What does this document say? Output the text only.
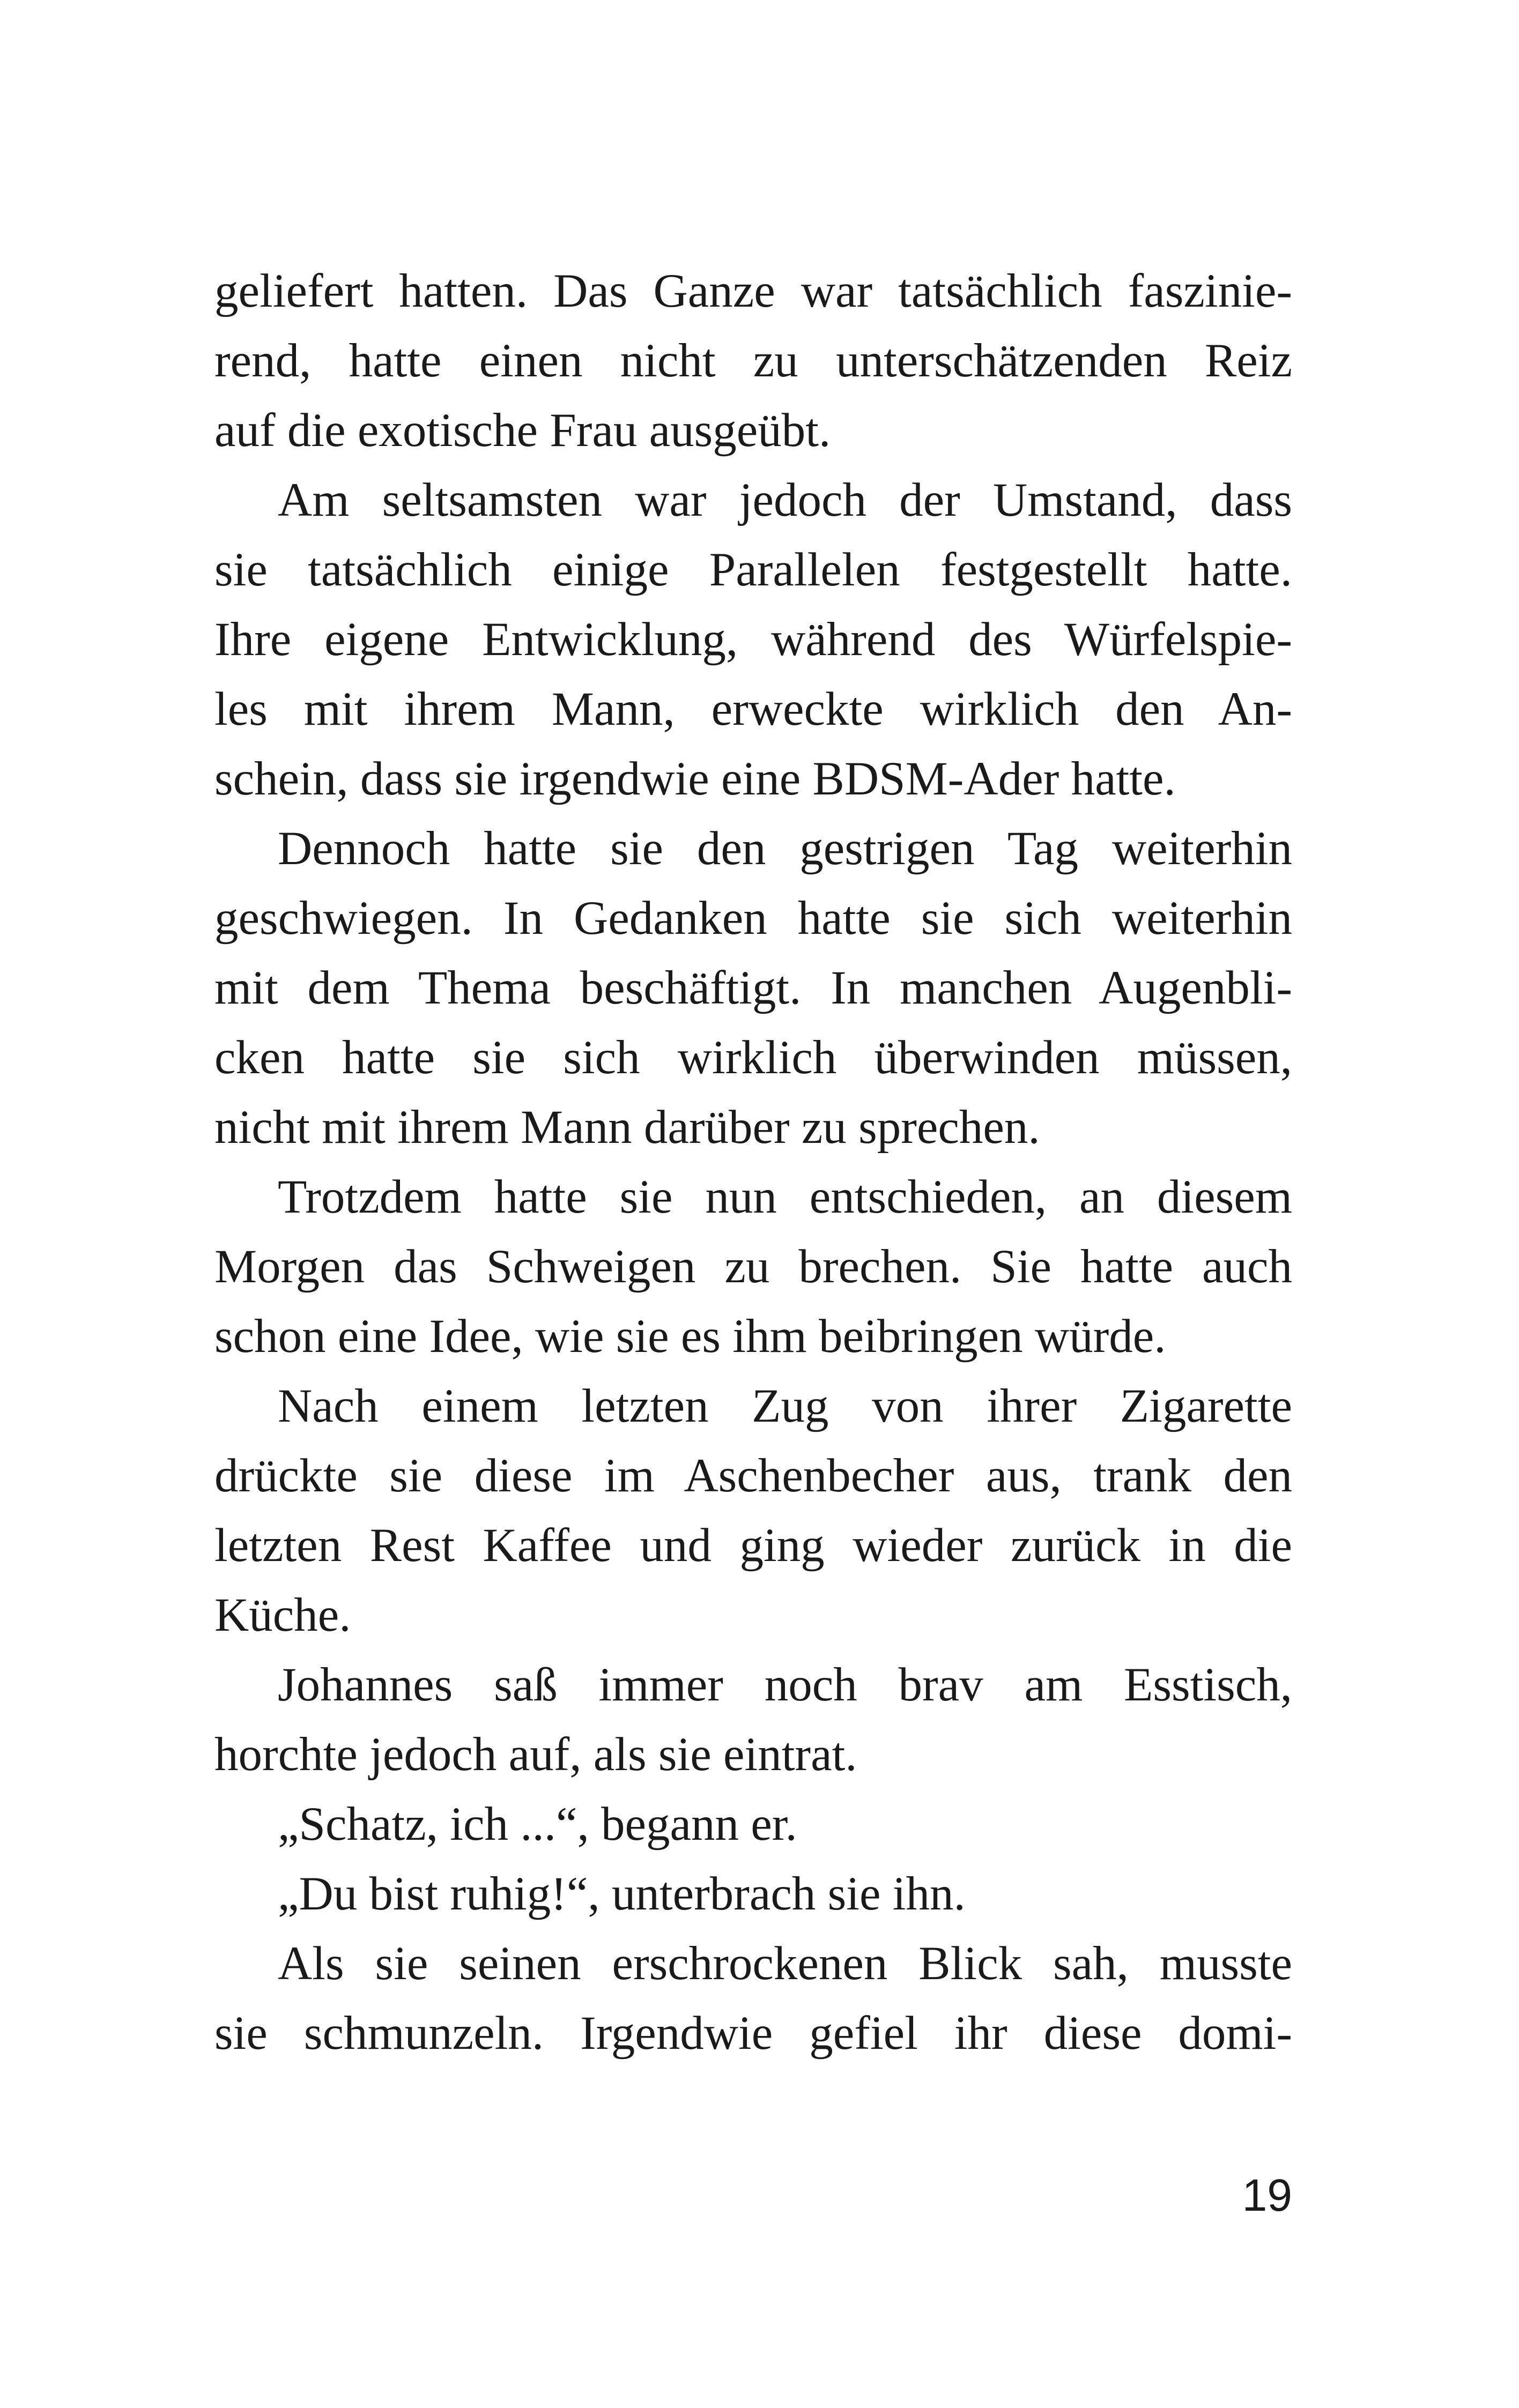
geliefert hatten. Das Ganze war tatsächlich faszinie-
rend, hatte einen nicht zu unterschätzenden Reiz
auf die exotische Frau ausgeübt.
Am seltsamsten war jedoch der Umstand, dass
sie tatsächlich einige Parallelen festgestellt hatte.
Ihre eigene Entwicklung, während des Würfelspie-
les mit ihrem Mann, erweckte wirklich den An-
schein, dass sie irgendwie eine BDSM-Ader hatte.
Dennoch hatte sie den gestrigen Tag weiterhin
geschwiegen. In Gedanken hatte sie sich weiterhin
mit dem Thema beschäftigt. In manchen Augenbli-
cken hatte sie sich wirklich überwinden müssen,
nicht mit ihrem Mann darüber zu sprechen.
Trotzdem hatte sie nun entschieden, an diesem
Morgen das Schweigen zu brechen. Sie hatte auch
schon eine Idee, wie sie es ihm beibringen würde.
Nach einem letzten Zug von ihrer Zigarette
drückte sie diese im Aschenbecher aus, trank den
letzten Rest Kaffee und ging wieder zurück in die
Küche.
Johannes saß immer noch brav am Esstisch,
horchte jedoch auf, als sie eintrat.
„Schatz, ich ...“, begann er.
„Du bist ruhig!“, unterbrach sie ihn.
Als sie seinen erschrockenen Blick sah, musste
sie schmunzeln. Irgendwie gefiel ihr diese domi-
19
